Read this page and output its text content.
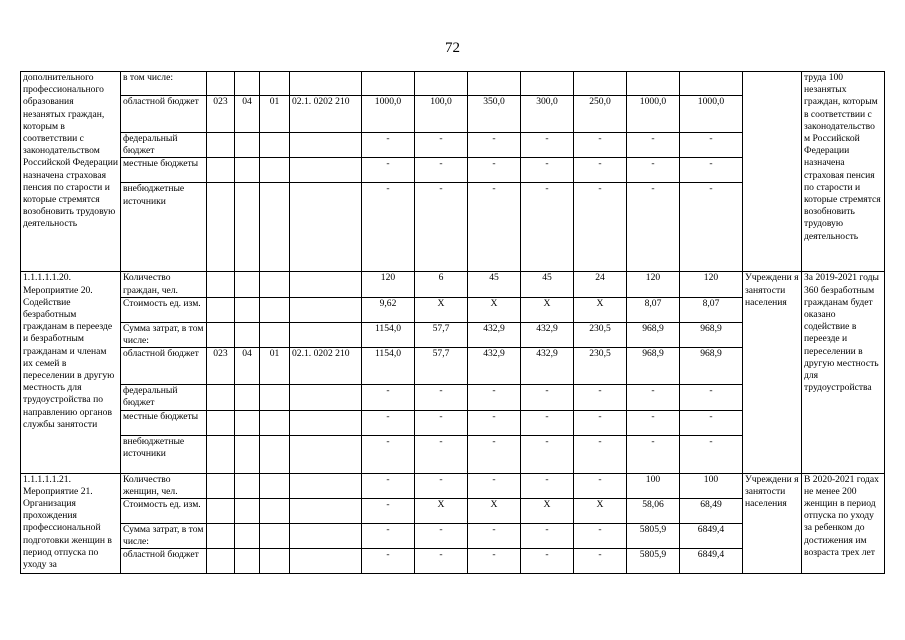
72
дополнительного профессионального образования незанятых граждан, которым в соответствии с законодательством Российской Федерации назначена страховая пенсия по старости и которые стремятся возобновить трудовую деятельность	в том числе:													труда 100 незанятых граждан, которым в соответствии с законодательство м Российской Федерации назначена страховая пенсия по старости и которые стремятся возобновить трудовую деятельность
	областной бюджет	023	04	01	02.1. 0202 210	1000,0	100,0	350,0	300,0	250,0	1000,0	1000,0		
	федеральный бюджет					-	-	-	-	-	-	-		
	местные бюджеты					-	-	-	-	-	-	-		
	внебюджетные источники					-	-	-	-	-	-	-		
1.1.1.1.1.20. Мероприятие 20. Содействие безработным гражданам в переезде и безработным гражданам и членам их семей в переселении в другую местность для трудоустройства по направлению органов службы занятости	Количество граждан, чел.					120	6	45	45	24	120	120	Учреждени я занятости населения	За 2019-2021 годы 360 безработным гражданам будет оказано содействие в переезде и переселении в другую местность для трудоустройства
	Стоимость ед. изм.					9,62	Х	Х	Х	Х	8,07	8,07		
	Сумма затрат, в том числе:					1154,0	57,7	432,9	432,9	230,5	968,9	968,9		
	областной бюджет	023	04	01	02.1. 0202 210	1154,0	57,7	432,9	432,9	230,5	968,9	968,9		
	федеральный бюджет					-	-	-	-	-	-	-		
	местные бюджеты					-	-	-	-	-	-	-		
	внебюджетные источники					-	-	-	-	-	-	-		
1.1.1.1.1.21. Мероприятие 21. Организация прохождения профессиональной подготовки женщин в период отпуска по уходу за	Количество женщин, чел.					-	-	-	-	-	100	100	Учреждени я занятости населения	В 2020-2021 годах не менее 200 женщин в период отпуска по уходу за ребенком до достижения им возраста трех лет
	Стоимость ед. изм.					-	Х	Х	Х	Х	58,06	68,49		
	Сумма затрат, в том числе:					-	-	-	-	-	5805,9	6849,4		
	областной бюджет					-	-	-	-	-	5805,9	6849,4		
